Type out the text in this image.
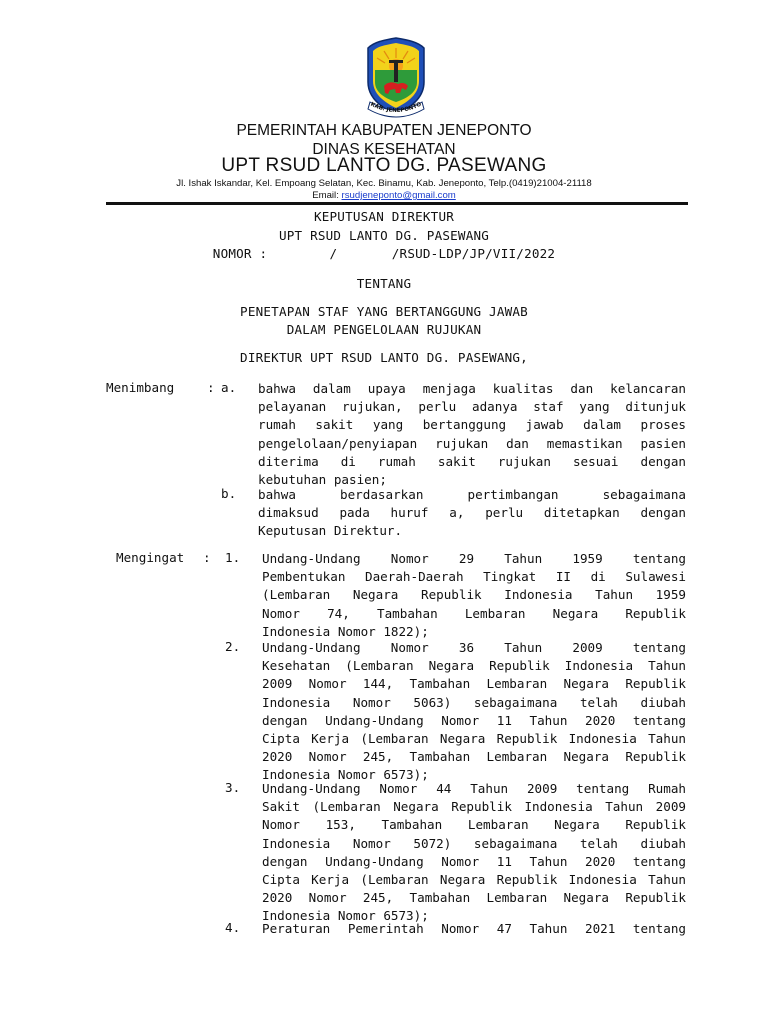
KAB. JENEPONTO
PEMERINTAH KABUPATEN JENEPONTO
DINAS KESEHATAN
UPT RSUD LANTO DG. PASEWANG
Jl. Ishak Iskandar, Kel. Empoang Selatan, Kec. Binamu, Kab. Jeneponto, Telp.(0419)21004-21118
Email: rsudjeneponto@gmail.com
KEPUTUSAN DIREKTUR
UPT RSUD LANTO DG. PASEWANG
NOMOR :        /       /RSUD-LDP/JP/VII/2022
TENTANG
PENETAPAN STAF YANG BERTANGGUNG JAWAB
DALAM PENGELOLAAN RUJUKAN
DIREKTUR UPT RSUD LANTO DG. PASEWANG,
Menimbang	: a. bahwa dalam upaya menjaga kualitas dan kelancaran
pelayanan rujukan, perlu adanya staf yang ditunjuk
rumah sakit yang bertanggung jawab dalam proses
pengelolaan/penyiapan rujukan dan memastikan pasien
diterima di rumah sakit rujukan sesuai dengan
kebutuhan pasien;
b. bahwa berdasarkan pertimbangan sebagaimana
dimaksud pada huruf a, perlu ditetapkan dengan
Keputusan Direktur.
Mengingat : 1. Undang-Undang Nomor 29 Tahun 1959 tentang
Pembentukan Daerah-Daerah Tingkat II di Sulawesi
(Lembaran Negara Republik Indonesia Tahun 1959
Nomor 74, Tambahan Lembaran Negara Republik
Indonesia Nomor 1822);
2. Undang-Undang Nomor 36 Tahun 2009 tentang
Kesehatan (Lembaran Negara Republik Indonesia Tahun
2009 Nomor 144, Tambahan Lembaran Negara Republik
Indonesia Nomor 5063) sebagaimana telah diubah
dengan Undang-Undang Nomor 11 Tahun 2020 tentang
Cipta Kerja (Lembaran Negara Republik Indonesia Tahun
2020 Nomor 245, Tambahan Lembaran Negara Republik
Indonesia Nomor 6573);
3. Undang-Undang Nomor 44 Tahun 2009 tentang Rumah
Sakit (Lembaran Negara Republik Indonesia Tahun 2009
Nomor 153, Tambahan Lembaran Negara Republik
Indonesia Nomor 5072) sebagaimana telah diubah
dengan Undang-Undang Nomor 11 Tahun 2020 tentang
Cipta Kerja (Lembaran Negara Republik Indonesia Tahun
2020 Nomor 245, Tambahan Lembaran Negara Republik
Indonesia Nomor 6573);
4. Peraturan Pemerintah Nomor 47 Tahun 2021 tentang
